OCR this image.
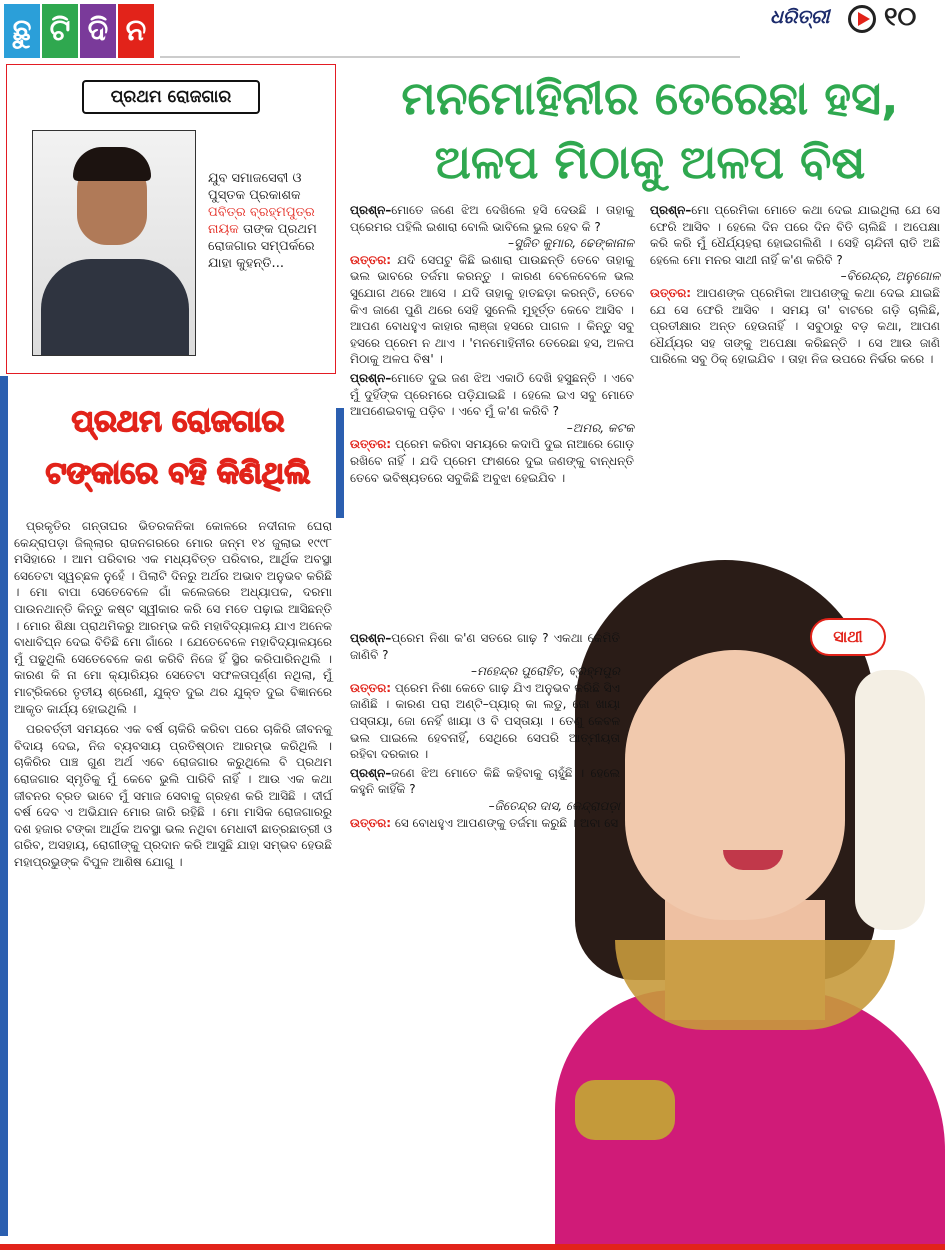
ଛୁ ଟି ଦି ନ	ଧରିତ୍ରୀ ୧୦
ପ୍ରଥମ ରୋଜଗାର
ଯୁବ ସମାଜସେବୀ ଓ ପୁସ୍ତକ ପ୍ରକାଶକ ପବିତ୍ର ବ୍ରହ୍ମପୁତ୍ର ନାୟକ ତାଙ୍କ ପ୍ରଥମ ରୋଜଗାର ସମ୍ପର୍କରେ ଯାହା କୁହନ୍ତି...
ପ୍ରଥମ ରୋଜଗାର
ଟଙ୍କାରେ ବହି କିଣିଥିଲି

ପ୍ରକୃତିର ଗନ୍ତାଘର ଭିତରକନିକା କୋଳରେ ନଦୀନାଳ ଘେରା କେନ୍ଦ୍ରାପଡ଼ା ଜିଲ୍ଲାର ରାଜନଗରରେ ମୋର ଜନ୍ମ ୧୪ ଜୁଲାଇ ୧୯୯୮ ମସିହାରେ । ଆମ ପରିବାର ଏକ ମଧ୍ୟବିତ୍ତ ପରିବାର, ଆର୍ଥିକ ଅବସ୍ଥା ସେତେଟା ସ୍ୱଚ୍ଛଳ ନୁହେଁ । ପିଲାଟି ଦିନରୁ ଅର୍ଥର ଅଭାବ ଅନୁଭବ କରିଛି । ମୋ ବାପା ସେତେବେଳେ ଗାଁ କଲେଜରେ ଅଧ୍ୟାପକ, ଦରମା ପାଉନଥାନ୍ତି କିନ୍ତୁ କଷ୍ଟ ସ୍ୱୀକାର କରି ସେ ମତେ ପଢ଼ାଇ ଆସିଛନ୍ତି । ମୋର ଶିକ୍ଷା ପ୍ରାଥମିକରୁ ଆରମ୍ଭ କରି ମହାବିଦ୍ୟାଳୟ ଯାଏ ଅନେକ ବାଧାବିଘ୍ନ ଦେଇ ବିତିଛି ମୋ ଗାଁରେ । ଯେତେବେଳେ ମହାବିଦ୍ୟାଳୟରେ ମୁଁ ପଢୁଥିଲି ସେତେବେଳେ କଣ କରିବି ନିଜେ ହିଁ ସ୍ଥିର କରିପାରିନଥିଲି । କାରଣ କି ନା ମୋ କ୍ୟାରିୟର ସେତେଟା ସଫଳତାପୂର୍ଣ୍ଣ ନଥିଲା, ମୁଁ ମାଟ୍ରିକରେ ତୃତୀୟ ଶ୍ରେଣୀ, ଯୁକ୍ତ ଦୁଇ ଥର ଯୁକ୍ତ ଦୁଇ ବିଜ୍ଞାନରେ ଆକୃତ କାର୍ଯ୍ୟ ହୋଇଥିଲି ।

ପରବର୍ତ୍ତୀ ସମୟରେ ଏକ ବର୍ଷ ଚାକିରି କରିବା ପରେ ଚାକିରି ଜୀବନକୁ ବିଦାୟ ଦେଇ, ନିଜ ବ୍ୟବସାୟ ପ୍ରତିଷ୍ଠାନ ଆରମ୍ଭ କରିଥିଲି । ଚାକିରିର ପାଞ୍ଚ ଗୁଣ ଅର୍ଥ ଏବେ ରୋଜଗାର କରୁଥିଲେ ବି ପ୍ରଥମ ରୋଜଗାର ସ୍ମୃତିକୁ ମୁଁ କେବେ ଭୁଲି ପାରିବି ନାହିଁ । ଆଉ ଏକ କଥା ଜୀବନର ବ୍ରତ ଭାବେ ମୁଁ ସମାଜ ସେବାକୁ ଗ୍ରହଣ କରି ଆସିଛି । ଦୀର୍ଘ ବର୍ଷ ଦେବ ଏ ଅଭିଯାନ ମୋର ଜାରି ରହିଛି । ମୋ ମାସିକ ରୋଜଗାରରୁ ଦଶ ହଜାର ଟଙ୍କା ଆର୍ଥିକ ଅବସ୍ଥା ଭଲ ନଥିବା ମେଧାବୀ ଛାତ୍ରଛାତ୍ରୀ ଓ ଗରିବ, ଅସହାୟ, ରୋଗୀଙ୍କୁ ପ୍ରଦାନ କରି ଆସୁଛି ଯାହା ସମ୍ଭବ ହେଉଛି ମହାପ୍ରଭୁଙ୍କ ବିପୁଳ ଆଶିଷ ଯୋଗୁ ।

ମନମୋହିନୀର ତେରେଛା ହସ,
ଅଳପ ମିଠାକୁ ଅଳପ ବିଷ
ପ୍ରଶ୍ନ–ମୋତେ ଜଣେ ଝିଅ ଦେଖିଲେ ହସି ଦେଉଛି । ତାହାକୁ ପ୍ରେମର ପହିଲି ଇଶାରା ବୋଲି ଭାବିଲେ ଭୁଲ ହେବ କି ?
–ସୁଜିତ କୁମାର, ଢେଙ୍କାନାଳ
ଉତ୍ତର: ଯଦି ସେପଟୁ କିଛି ଇଶାରା ପାଉଛନ୍ତି ତେବେ ତାହାକୁ ଭଲ ଭାବରେ ତର୍ଜମା କରନ୍ତୁ । କାରଣ ବେଳେବେଳେ ଭଲ ସୁଯୋଗ ଥରେ ଆସେ । ଯଦି ତାହାକୁ ହାତଛଡ଼ା କରନ୍ତି, ତେବେ କିଏ ଜାଣେ ପୁଣି ଥରେ ସେହି ସୁନେଲି ମୁହୂର୍ତ୍ତ କେବେ ଆସିବ । ଆପଣ ବୋଧହୁଏ କାହାର ଲାଞ୍ଜା ହସରେ ପାଗଳ । କିନ୍ତୁ ସବୁ ହସରେ ପ୍ରେମ ନ ଥାଏ । 'ମନମୋହିନୀର ତେରେଛା ହସ, ଅଳପ ମିଠାକୁ ଅଳପ ବିଷ' ।
ପ୍ରଶ୍ନ–ମୋତେ ଦୁଇ ଜଣ ଝିଅ ଏକାଠି ଦେଖି ହସୁଛନ୍ତି । ଏବେ ମୁଁ ଦୁହିଁଙ୍କ ପ୍ରେମରେ ପଡ଼ିଯାଇଛି । ହେଲେ ଇଏ ସବୁ ମୋତେ ଆପଣେଇବାକୁ ପଡ଼ିବ । ଏବେ ମୁଁ କ'ଣ କରିବି ?
–ଅମର, କଟକ
ଉତ୍ତର: ପ୍ରେମ କରିବା ସମୟରେ କଦାପି ଦୁଇ ନାଆରେ ଗୋଡ଼ ରଖିବେ ନାହିଁ । ଯଦି ପ୍ରେମ ଫାଶରେ ଦୁଇ ଜଣଙ୍କୁ ବାନ୍ଧନ୍ତି ତେବେ ଭବିଷ୍ୟତରେ ସବୁକିଛି ଅବୁଝା ହେଇଯିବ ।
ପ୍ରଶ୍ନ–ମୋ ପ୍ରେମିକା ମୋତେ କଥା ଦେଇ ଯାଇଥିଲା ଯେ ସେ ଫେରି ଆସିବ । ହେଲେ ଦିନ ପରେ ଦିନ ବିତି ଚାଲିଛି । ଅପେକ୍ଷା କରି କରି ମୁଁ ଧୈର୍ଯ୍ୟହରା ହୋଇଗଲିଣି । ସେହି ଚାନ୍ଦିନୀ ରାତି ଅଛି ହେଲେ ମୋ ମନର ସାଥୀ ନାହିଁ କ'ଣ କରିବି ?
–ବିରେନ୍ଦ୍ର, ଅନୁଗୋଳ
ଉତ୍ତର: ଆପଣଙ୍କ ପ୍ରେମିକା ଆପଣଙ୍କୁ କଥା ଦେଇ ଯାଇଛି ଯେ ସେ ଫେରି ଆସିବ । ସମୟ ତା' ବାଟରେ ଗଡ଼ି ଚାଲିଛି, ପ୍ରତୀକ୍ଷାର ଅନ୍ତ ହେଉନାହିଁ । ସବୁଠାରୁ ବଡ଼ କଥା, ଆପଣ ଧୈର୍ଯ୍ୟର ସହ ତାଙ୍କୁ ଅପେକ୍ଷା କରିଛନ୍ତି । ସେ ଆଉ ଜାଣି ପାରିଲେ ସବୁ ଠିକ୍ ହୋଇଯିବ । ତାହା ନିଜ ଉପରେ ନିର୍ଭର କରେ ।
ପ୍ରଶ୍ନ–ପ୍ରେମ ନିଶା କ'ଣ ସତରେ ଗାଢ଼ ? ଏକଥା କେମିତି ଜାଣିବି ?
–ମହେନ୍ଦ୍ର ପୁରୋହିତ, ବ୍ରହ୍ମପୁର
ଉତ୍ତର: ପ୍ରେମ ନିଶା କେତେ ଗାଢ଼ ଯିଏ ଅନୁଭବ କରିଛି ସିଏ ଜାଣିଛି । କାରଣ ପରା ଅଣ୍ଟି–ପ୍ୟାର୍ କା ଲଡୁ, ଜୋ ଖାୟା ପସ୍ତାୟା, ଜୋ ନେହିଁ ଖାୟା ଓ ବି ପସ୍ତାୟା । ତେଣୁ କେବଳ ଭଲ ପାଇଲେ ହେବନାହିଁ, ସେଥିରେ ସେପରି ଆତ୍ମୀୟତା ରହିବା ଦରକାର ।
ପ୍ରଶ୍ନ–ଜଣେ ଝିଅ ମୋତେ କିଛି କହିବାକୁ ଚାହୁଁଛି । ହେଲେ କହୁନି କାହିଁକି ?
–ଜିତେନ୍ଦ୍ର ଦାସ, କେନ୍ଦ୍ରାପଡ଼ା
ଉତ୍ତର: ସେ ବୋଧହୁଏ ଆପଣଙ୍କୁ ତର୍ଜମା କରୁଛି । ଅବା ସେ
ସାଥୀ
